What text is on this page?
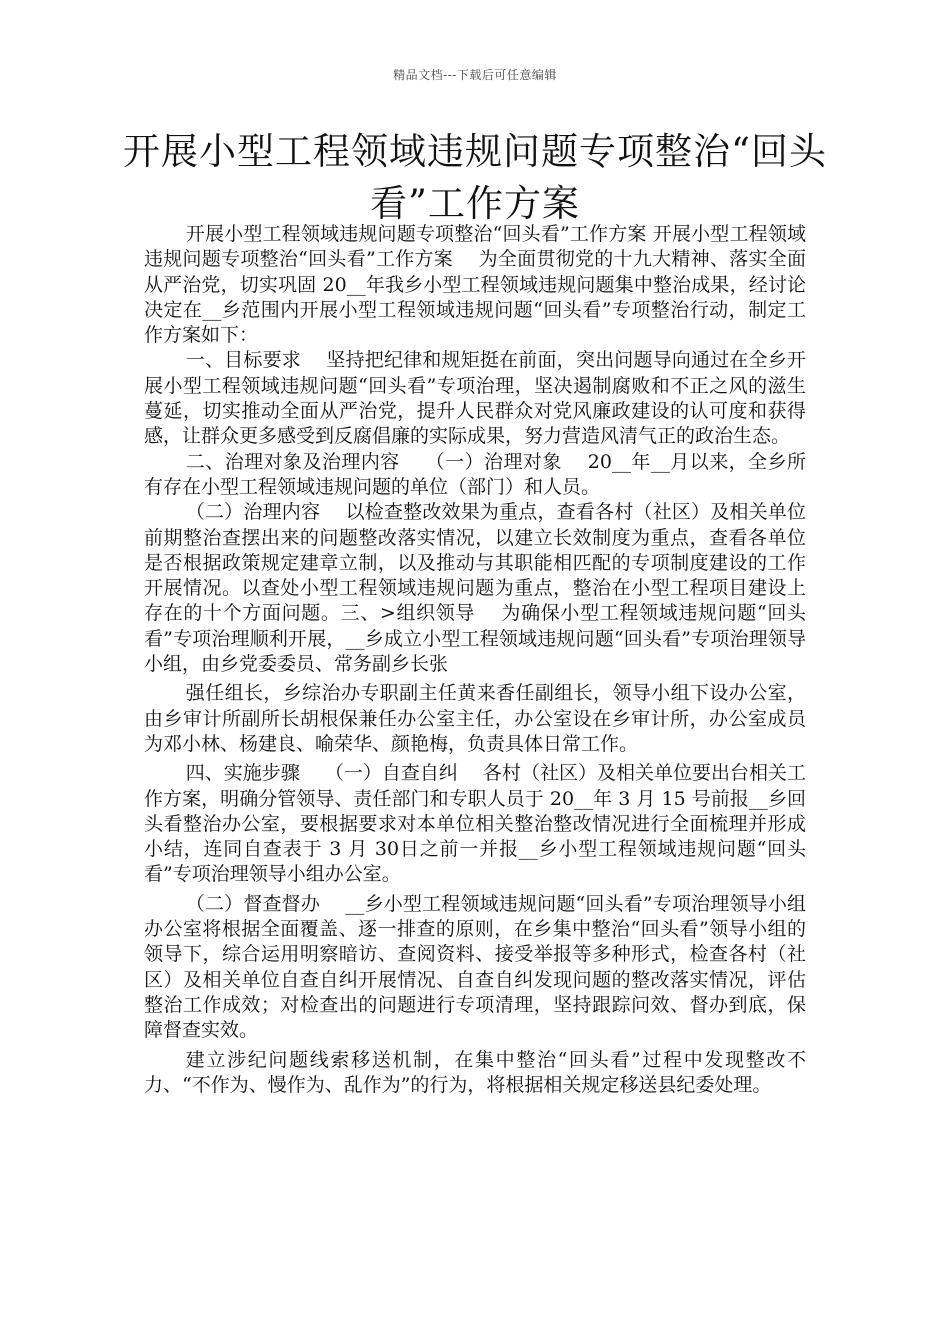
精品文档---下载后可任意编辑
开展小型工程领域违规问题专项整治“回头看”工作方案

开展小型工程领域违规问题专项整治“回头看”工作方案 开展小型工程领域违规问题专项整治“回头看”工作方案　 为全面贯彻党的十九大精神、落实全面从严治党，切实巩固 20__年我乡小型工程领域违规问题集中整治成果，经讨论决定在__乡范围内开展小型工程领域违规问题“回头看”专项整治行动，制定工作方案如下：

一、目标要求　 坚持把纪律和规矩挺在前面，突出问题导向通过在全乡开展小型工程领域违规问题“回头看”专项治理，坚决遏制腐败和不正之风的滋生蔓延，切实推动全面从严治党，提升人民群众对党风廉政建设的认可度和获得感，让群众更多感受到反腐倡廉的实际成果，努力营造风清气正的政治生态。

二、治理对象及治理内容　 （一）治理对象　 20__年__月以来，全乡所有存在小型工程领域违规问题的单位（部门）和人员。

（二）治理内容　 以检查整改效果为重点，查看各村（社区）及相关单位前期整治查摆出来的问题整改落实情况，以建立长效制度为重点，查看各单位是否根据政策规定建章立制，以及推动与其职能相匹配的专项制度建设的工作开展情况。以查处小型工程领域违规问题为重点，整治在小型工程项目建设上存在的十个方面问题。三、>组织领导　 为确保小型工程领域违规问题“回头看”专项治理顺利开展，__乡成立小型工程领域违规问题“回头看”专项治理领导小组，由乡党委委员、常务副乡长张

强任组长，乡综治办专职副主任黄来香任副组长，领导小组下设办公室，由乡审计所副所长胡根保兼任办公室主任，办公室设在乡审计所，办公室成员为邓小林、杨建良、喻荣华、颜艳梅，负责具体日常工作。

四、实施步骤　 （一）自查自纠　 各村（社区）及相关单位要出台相关工作方案，明确分管领导、责任部门和专职人员于 20__年 3 月 15 号前报__乡回头看整治办公室，要根据要求对本单位相关整治整改情况进行全面梳理并形成小结，连同自查表于 3 月 30日之前一并报__乡小型工程领域违规问题“回头看”专项治理领导小组办公室。

（二）督查督办　 __乡小型工程领域违规问题“回头看”专项治理领导小组办公室将根据全面覆盖、逐一排查的原则，在乡集中整治“回头看”领导小组的领导下，综合运用明察暗访、查阅资料、接受举报等多种形式，检查各村（社区）及相关单位自查自纠开展情况、自查自纠发现问题的整改落实情况，评估整治工作成效；对检查出的问题进行专项清理，坚持跟踪问效、督办到底，保障督查实效。

建立涉纪问题线索移送机制，在集中整治“回头看”过程中发现整改不力、“不作为、慢作为、乱作为”的行为，将根据相关规定移送县纪委处理。
